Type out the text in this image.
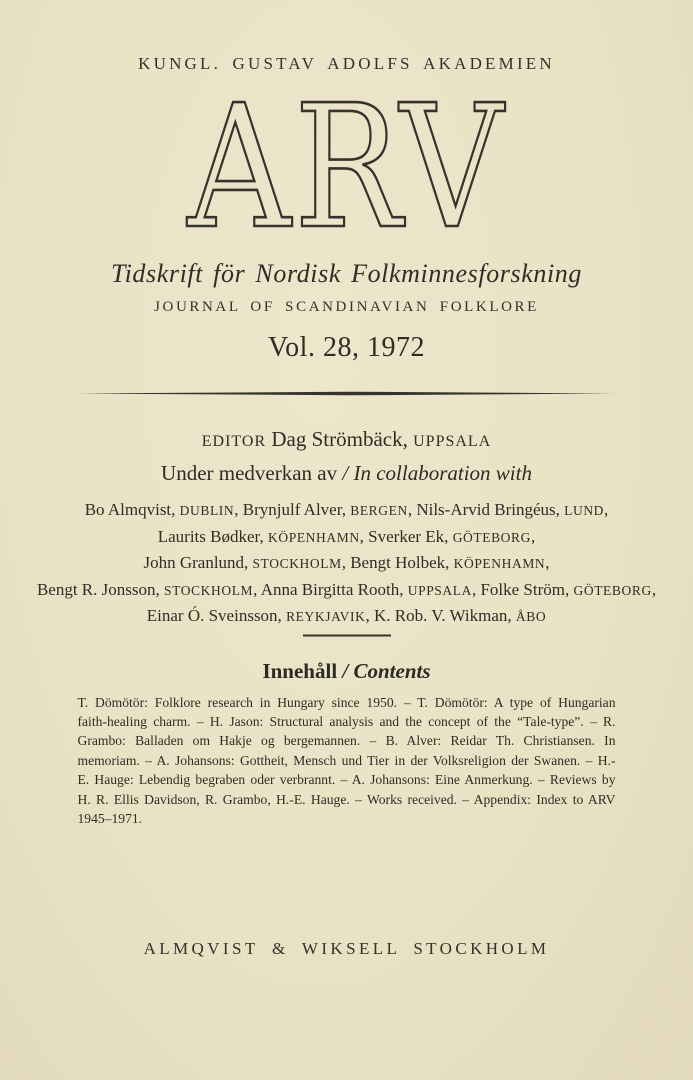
KUNGL. GUSTAV ADOLFS AKADEMIEN
ARV
Tidskrift för Nordisk Folkminnesforskning
JOURNAL OF SCANDINAVIAN FOLKLORE
Vol. 28, 1972
EDITOR Dag Strömbäck, UPPSALA
Under medverkan av / In collaboration with
Bo Almqvist, DUBLIN, Brynjulf Alver, BERGEN, Nils-Arvid Bringéus, LUND,
Laurits Bødker, KÖPENHAMN, Sverker Ek, GÖTEBORG,
John Granlund, STOCKHOLM, Bengt Holbek, KÖPENHAMN,
Bengt R. Jonsson, STOCKHOLM, Anna Birgitta Rooth, UPPSALA, Folke Ström, GÖTEBORG,
Einar Ó. Sveinsson, REYKJAVIK, K. Rob. V. Wikman, ÅBO
Innehåll / Contents
T. Dömötör: Folklore research in Hungary since 1950. – T. Dömötör: A type of Hungarian faith-healing charm. – H. Jason: Structural analysis and the concept of the “Tale-type”. – R. Grambo: Balladen om Hakje og bergemannen. – B. Alver: Reidar Th. Christiansen. In memoriam. – A. Johansons: Gottheit, Mensch und Tier in der Volksreligion der Swanen. – H.-E. Hauge: Lebendig begraben oder verbrannt. – A. Johansons: Eine Anmerkung. – Reviews by H. R. Ellis Davidson, R. Grambo, H.-E. Hauge. – Works received. – Appendix: Index to ARV 1945–1971.
ALMQVIST & WIKSELL STOCKHOLM
